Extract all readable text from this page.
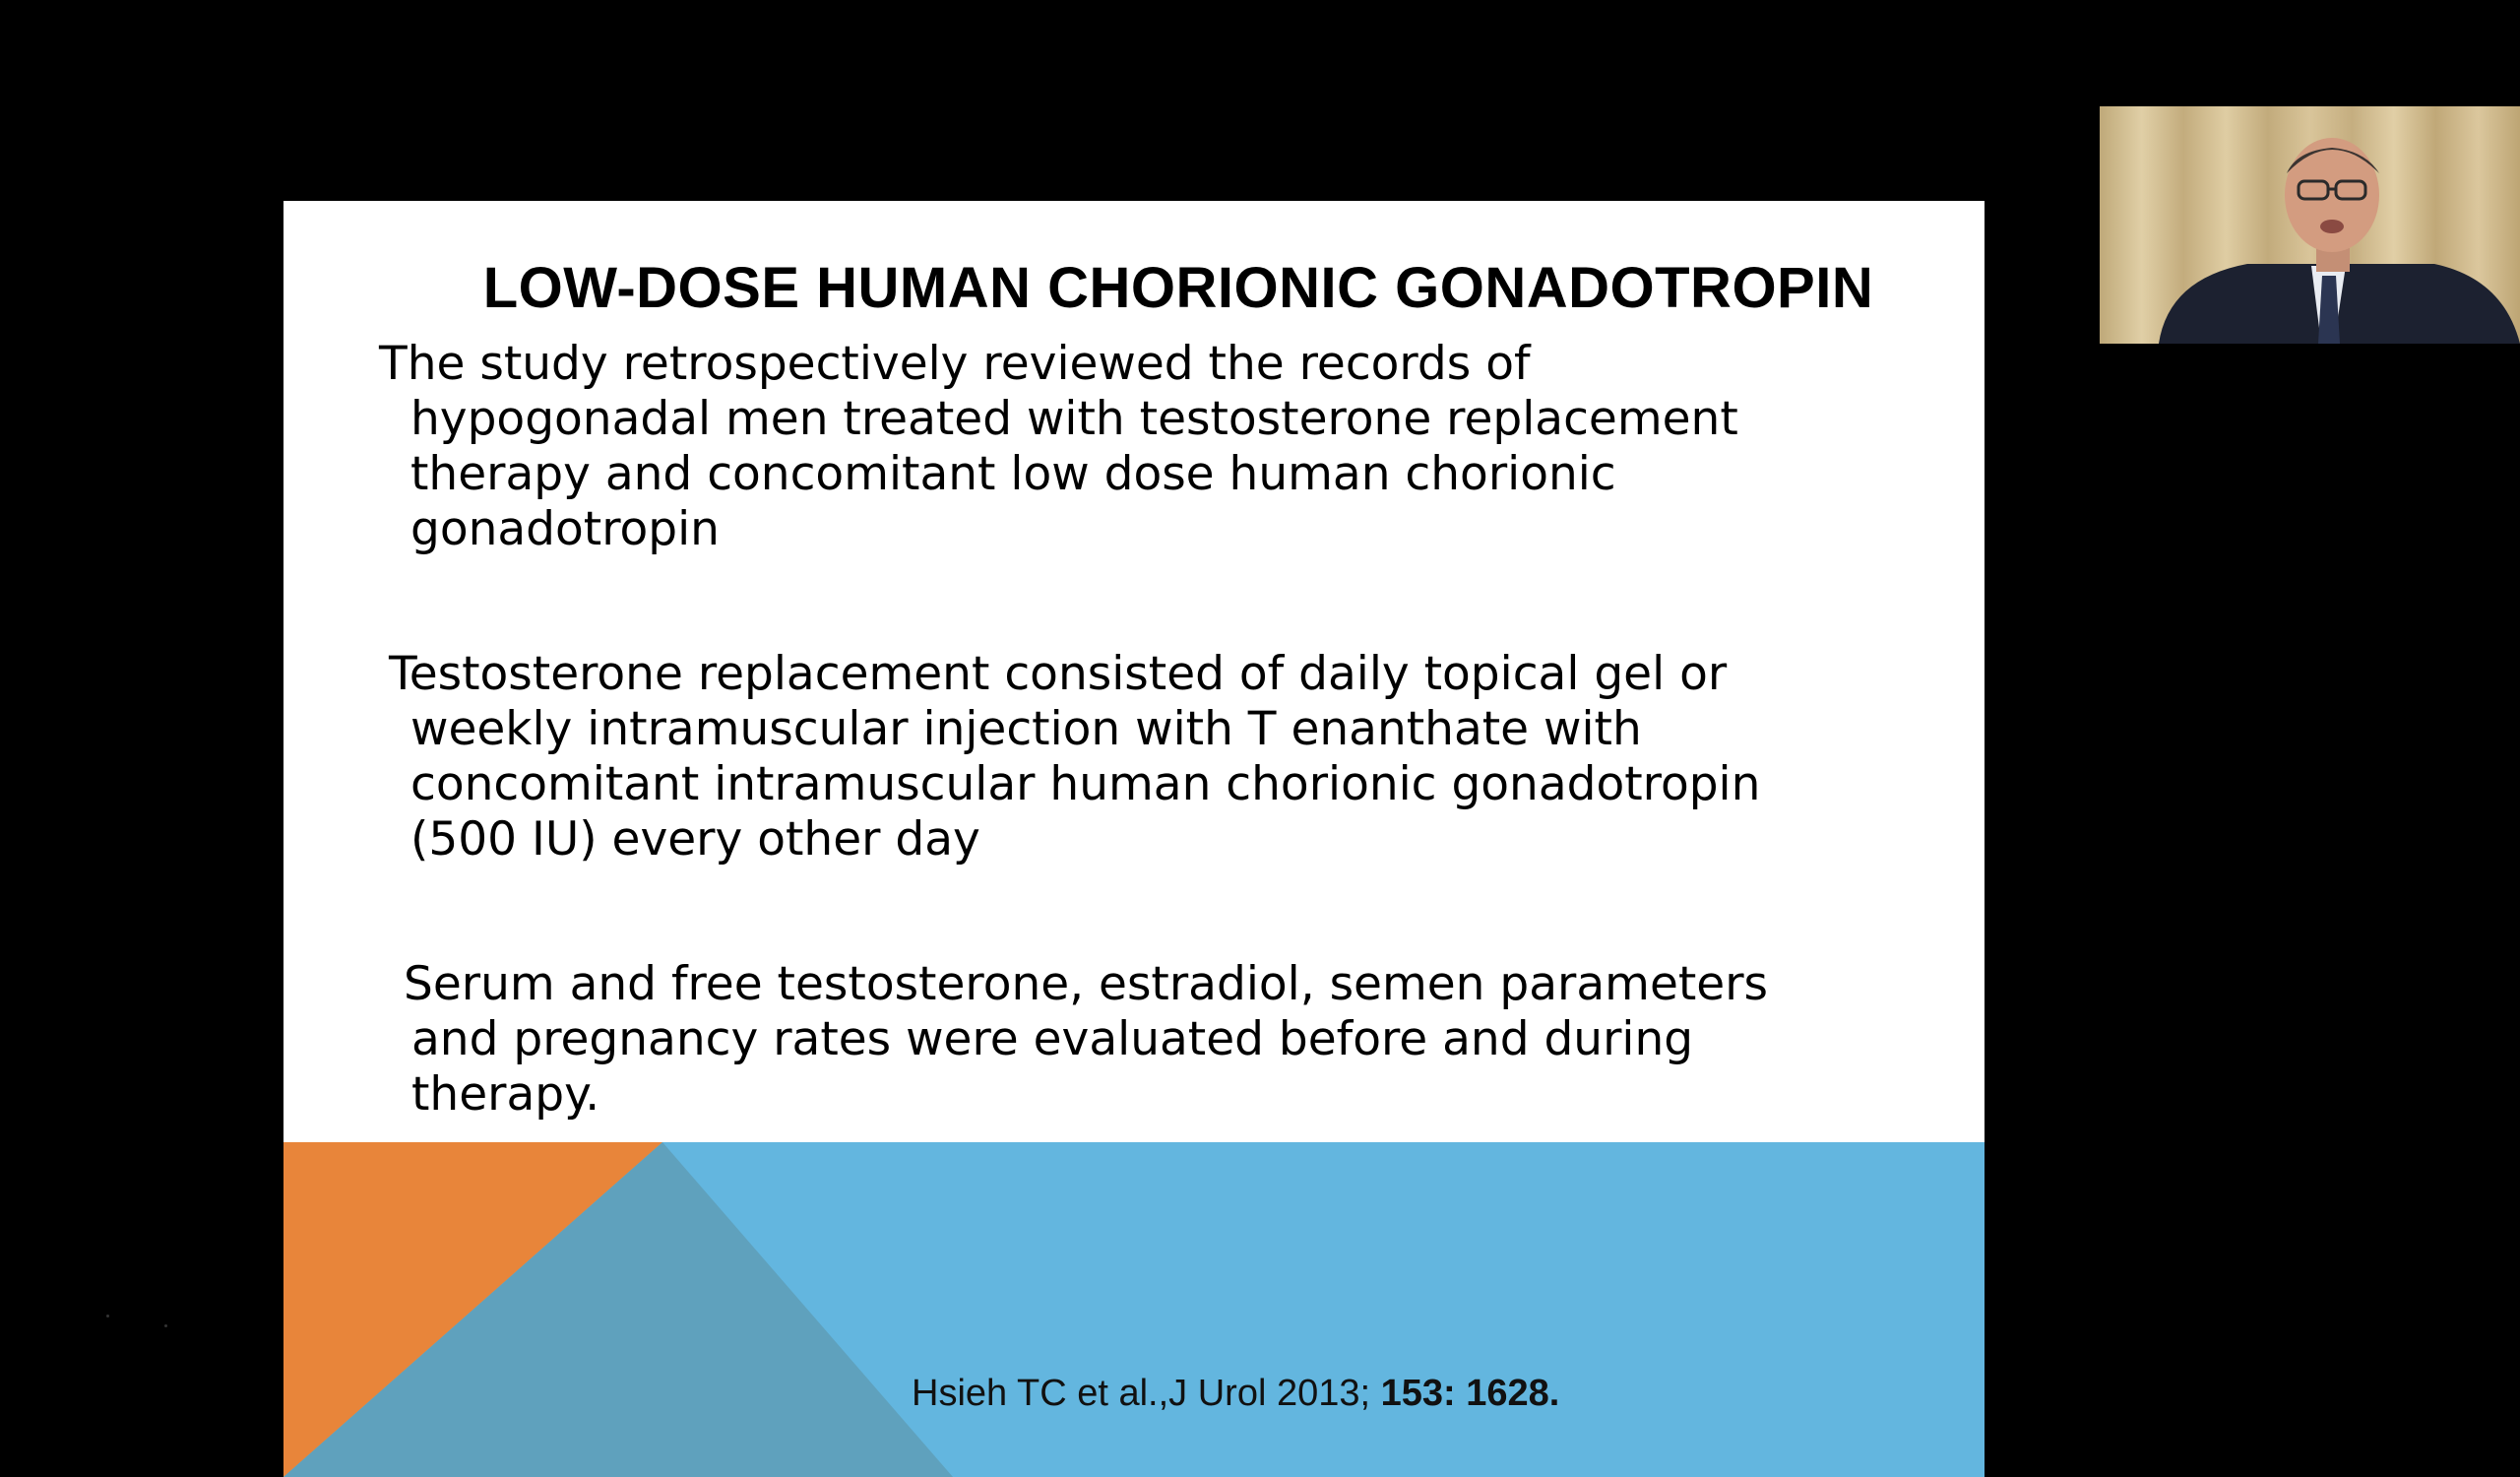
LOW-DOSE HUMAN CHORIONIC GONADOTROPIN
The study retrospectively reviewed the records of
hypogonadal men treated with testosterone replacement
therapy and concomitant low dose human chorionic
gonadotropin
Testosterone replacement consisted of daily topical gel or
weekly intramuscular injection with T enanthate with
concomitant intramuscular human chorionic gonadotropin
(500 IU) every other day
Serum and free testosterone, estradiol, semen parameters
and pregnancy rates were evaluated before and during
therapy.
Hsieh TC et al.,J Urol 2013; 153: 1628.
